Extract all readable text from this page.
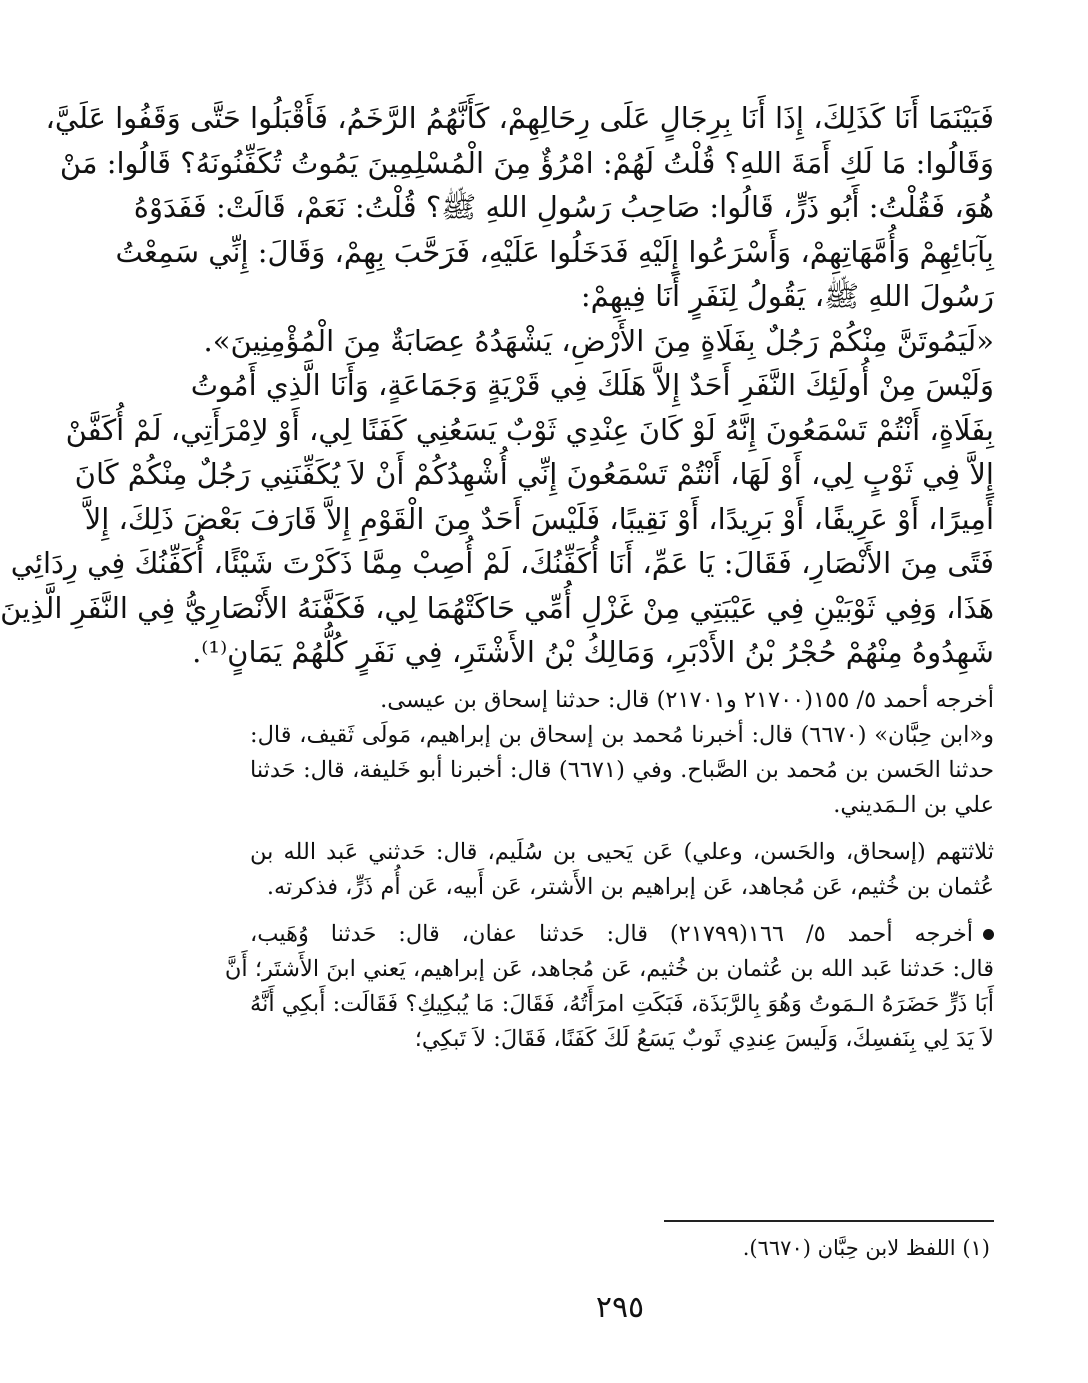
فَبَيْنَمَا أَنَا كَذَلِكَ، إِذَا أَنَا بِرِجَالٍ عَلَى رِحَالِهِمْ، كَأَنَّهُمُ الرَّخَمُ، فَأَقْبَلُوا حَتَّى وَقَفُوا عَلَيَّ،
وَقَالُوا: مَا لَكِ أَمَةَ اللهِ؟ قُلْتُ لَهُمْ: امْرُؤٌ مِنَ الْمُسْلِمِينَ يَمُوتُ تُكَفِّنُونَهُ؟ قَالُوا: مَنْ
هُوَ، فَقُلْتُ: أَبُو ذَرٍّ، قَالُوا: صَاحِبُ رَسُولِ اللهِ ﷺ؟ قُلْتُ: نَعَمْ، قَالَتْ: فَفَدَوْهُ
بِآبَائِهِمْ وَأُمَّهَاتِهِمْ، وَأَسْرَعُوا إِلَيْهِ فَدَخَلُوا عَلَيْهِ، فَرَحَّبَ بِهِمْ، وَقَالَ: إِنِّي سَمِعْتُ
رَسُولَ اللهِ ﷺ، يَقُولُ لِنَفَرٍ أَنَا فِيهِمْ:
«لَيَمُوتَنَّ مِنْكُمْ رَجُلٌ بِفَلَاةٍ مِنَ الأَرْضِ، يَشْهَدُهُ عِصَابَةٌ مِنَ الْمُؤْمِنِينَ».
وَلَيْسَ مِنْ أُولَئِكَ النَّفَرِ أَحَدٌ إِلاَّ هَلَكَ فِي قَرْيَةٍ وَجَمَاعَةٍ، وَأَنَا الَّذِي أَمُوتُ
بِفَلَاةٍ، أَنْتُمْ تَسْمَعُونَ إِنَّهُ لَوْ كَانَ عِنْدِي ثَوْبٌ يَسَعُنِي كَفَنًا لِي، أَوْ لاِمْرَأَتِي، لَمْ أُكَفَّنْ
إِلاَّ فِي ثَوْبٍ لِي، أَوْ لَهَا، أَنْتُمْ تَسْمَعُونَ إِنِّي أُشْهِدُكُمْ أَنْ لاَ يُكَفِّنَنِي رَجُلٌ مِنْكُمْ كَانَ
أَمِيرًا، أَوْ عَرِيفًا، أَوْ بَرِيدًا، أَوْ نَقِيبًا، فَلَيْسَ أَحَدٌ مِنَ الْقَوْمِ إِلاَّ قَارَفَ بَعْضَ ذَلِكَ، إِلاَّ
فَتًى مِنَ الأَنْصَارِ، فَقَالَ: يَا عَمِّ، أَنَا أُكَفِّنُكَ، لَمْ أُصِبْ مِمَّا ذَكَرْتَ شَيْئًا، أُكَفِّنُكَ فِي رِدَائِي
هَذَا، وَفِي ثَوْبَيْنِ فِي عَيْبَتِي مِنْ غَزْلِ أُمِّي حَاكَتْهُمَا لِي، فَكَفَّنَهُ الأَنْصَارِيُّ فِي النَّفَرِ الَّذِينَ
شَهِدُوهُ مِنْهُمْ حُجْرُ بْنُ الأَدْبَرِ، وَمَالِكُ بْنُ الأَشْتَرِ، فِي نَفَرٍ كُلُّهُمْ يَمَانٍ⁽¹⁾.
أخرجه أحمد ٥/ ١٥٥(٢١٧٠٠ و٢١٧٠١) قال: حدثنا إسحاق بن عيسى.
و«ابن حِبَّان» (٦٦٧٠) قال: أخبرنا مُحمد بن إسحاق بن إبراهيم، مَولَى ثَقيف، قال:
حدثنا الحَسن بن مُحمد بن الصَّباح. وفي (٦٦٧١) قال: أخبرنا أبو خَليفة، قال: حَدثنا
علي بن الـمَديني.
ثلاثتهم (إسحاق، والحَسن، وعلي) عَن يَحيى بن سُلَيم، قال: حَدثني عَبد الله بن
عُثمان بن خُثيم، عَن مُجاهد، عَن إبراهيم بن الأَشتر، عَن أَبيه، عَن أُم ذَرٍّ، فذكرته.
أخرجه أحمد ٥/ ١٦٦(٢١٧٩٩) قال: حَدثنا عفان، قال: حَدثنا وُهَيب،
قال: حَدثنا عَبد الله بن عُثمان بن خُثيم، عَن مُجاهد، عَن إبراهيم، يَعني ابنَ الأَشتَر؛ أَنَّ
أَبَا ذَرٍّ حَضَرَهُ الـمَوتُ وَهُوَ بِالرَّبَذَة، فَبَكَتِ امرَأَتُهُ، فَقَالَ: مَا يُبكِيكِ؟ فَقَالَت: أَبكِي أَنَّهُ
لاَ يَدَ لِي بِنَفسِكَ، وَلَيسَ عِندِي ثَوبٌ يَسَعُ لَكَ كَفَنًا، فَقَالَ: لاَ تَبكِي؛
(١) اللفظ لابن حِبَّان (٦٦٧٠).
٢٩٥
